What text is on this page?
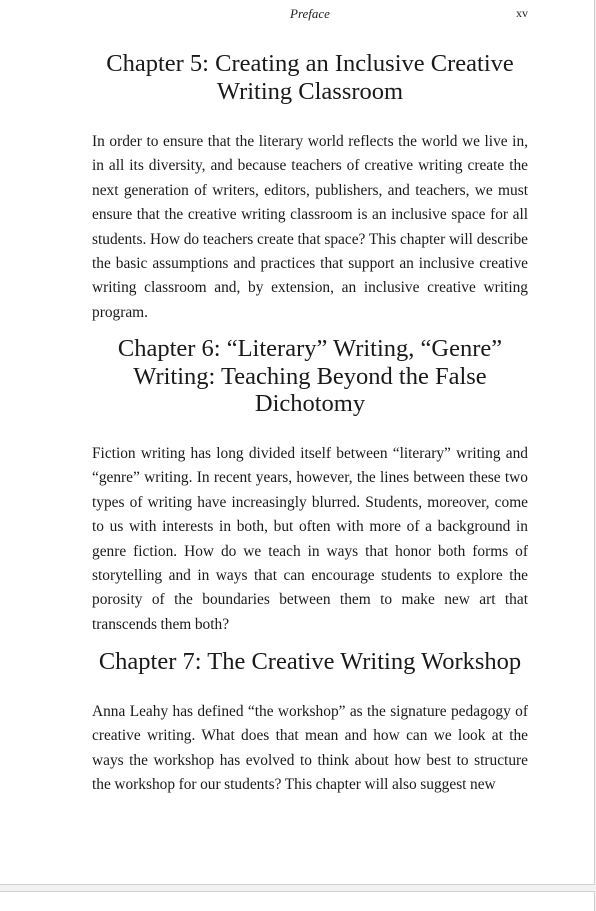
Preface	xv
Chapter 5: Creating an Inclusive Creative Writing Classroom

In order to ensure that the literary world reflects the world we live in, in all its diversity, and because teachers of creative writing create the next generation of writers, editors, publishers, and teachers, we must ensure that the creative writing classroom is an inclusive space for all students. How do teachers create that space? This chapter will describe the basic assumptions and practices that support an inclusive creative writing classroom and, by extension, an inclusive creative writing program.

Chapter 6: “Literary” Writing, “Genre” Writing: Teaching Beyond the False Dichotomy

Fiction writing has long divided itself between “literary” writing and “genre” writing. In recent years, however, the lines between these two types of writing have increasingly blurred. Students, moreover, come to us with interests in both, but often with more of a background in genre fiction. How do we teach in ways that honor both forms of storytelling and in ways that can encourage students to explore the porosity of the boundaries between them to make new art that transcends them both?

Chapter 7: The Creative Writing Workshop

Anna Leahy has defined “the workshop” as the signature pedagogy of creative writing. What does that mean and how can we look at the ways the workshop has evolved to think about how best to structure the workshop for our students? This chapter will also suggest new
